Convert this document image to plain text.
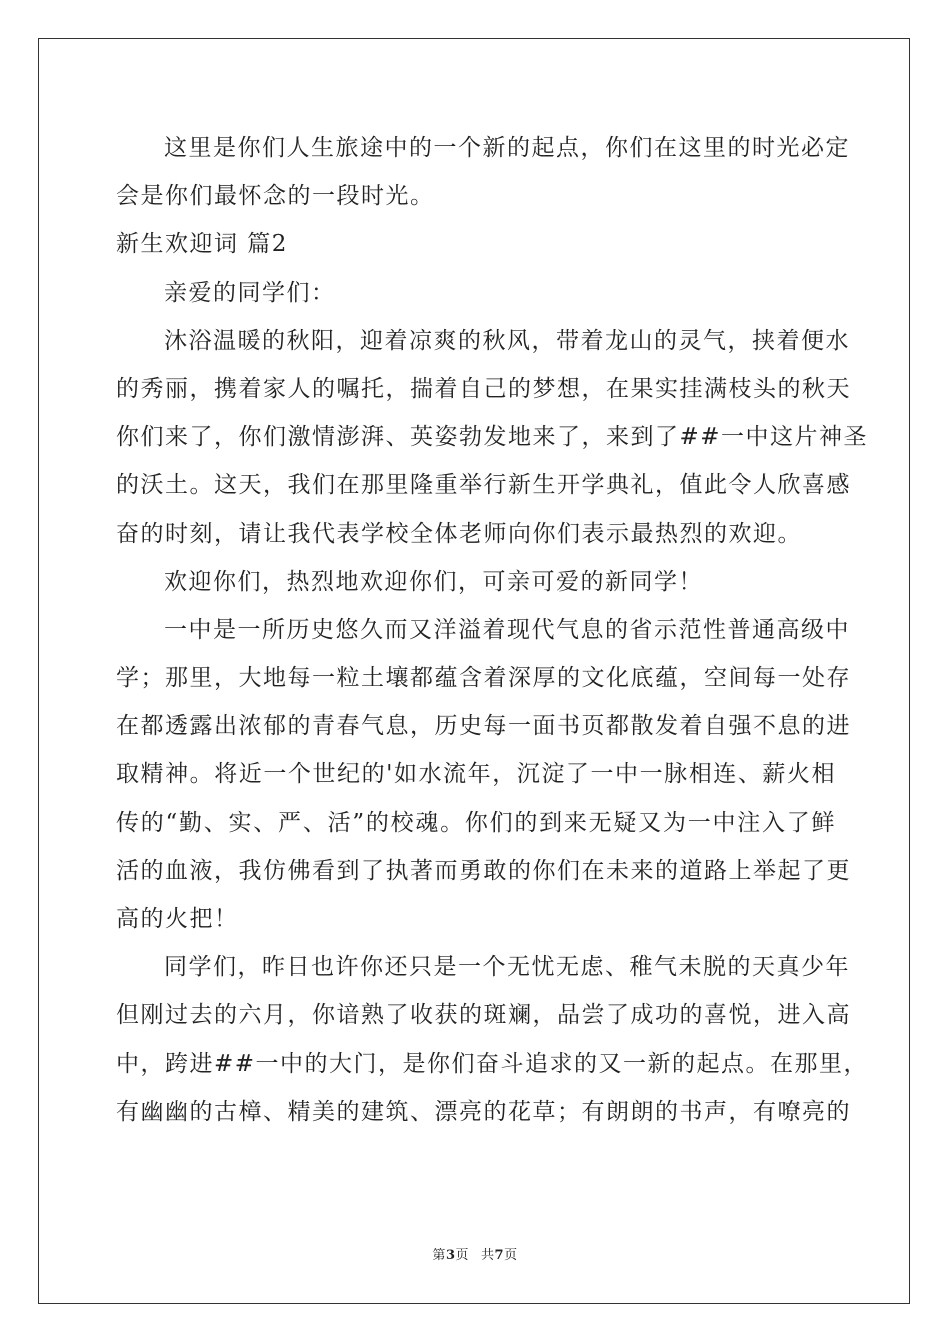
这里是你们人生旅途中的一个新的起点，你们在这里的时光必定
会是你们最怀念的一段时光。
新生欢迎词 篇2
亲爱的同学们：
沐浴温暖的秋阳，迎着凉爽的秋风，带着龙山的灵气，挟着便水
的秀丽，携着家人的嘱托，揣着自己的梦想，在果实挂满枝头的秋天
你们来了，你们激情澎湃、英姿勃发地来了，来到了##一中这片神圣
的沃土。这天，我们在那里隆重举行新生开学典礼，值此令人欣喜感
奋的时刻，请让我代表学校全体老师向你们表示最热烈的欢迎。
欢迎你们，热烈地欢迎你们，可亲可爱的新同学！
一中是一所历史悠久而又洋溢着现代气息的省示范性普通高级中
学；那里，大地每一粒土壤都蕴含着深厚的文化底蕴，空间每一处存
在都透露出浓郁的青春气息，历史每一面书页都散发着自强不息的进
取精神。将近一个世纪的'如水流年，沉淀了一中一脉相连、薪火相
传的“勤、实、严、活”的校魂。你们的到来无疑又为一中注入了鲜
活的血液，我仿佛看到了执著而勇敢的你们在未来的道路上举起了更
高的火把！
同学们，昨日也许你还只是一个无忧无虑、稚气未脱的天真少年
但刚过去的六月，你谙熟了收获的斑斓，品尝了成功的喜悦，进入高
中，跨进##一中的大门，是你们奋斗追求的又一新的起点。在那里，
有幽幽的古樟、精美的建筑、漂亮的花草；有朗朗的书声，有嘹亮的
第3页 共7页
